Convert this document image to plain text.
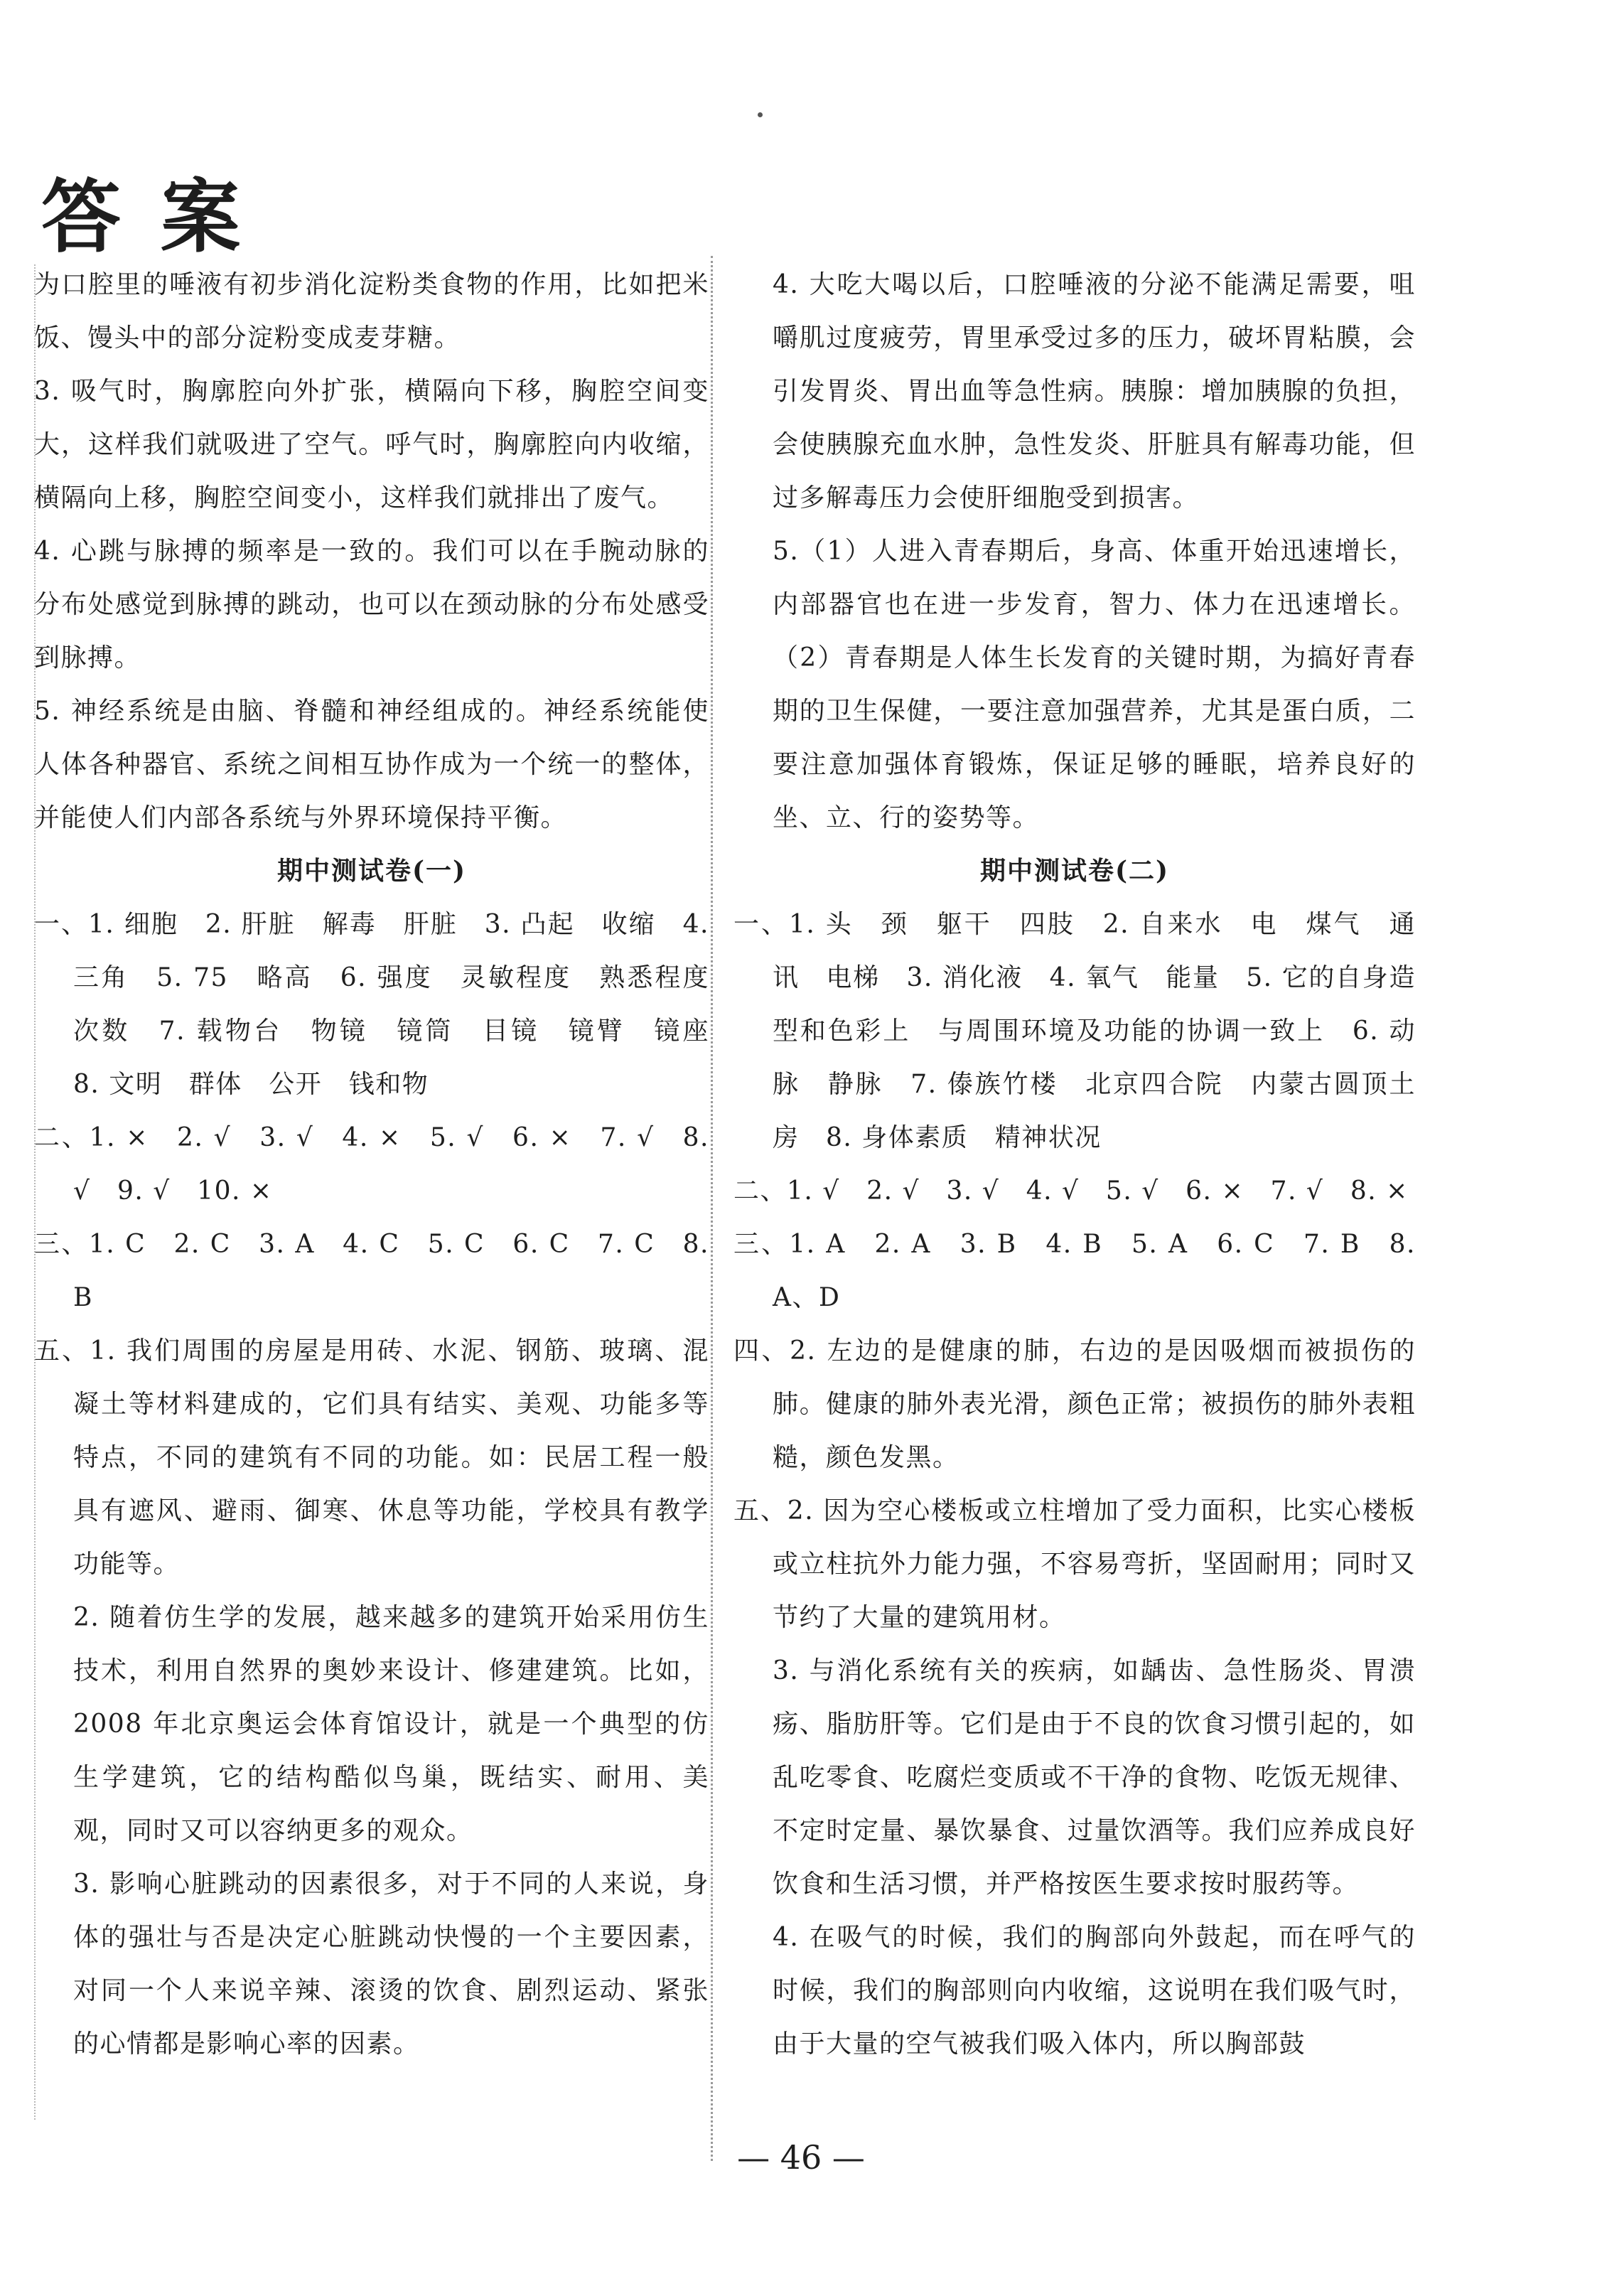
答案

为口腔里的唾液有初步消化淀粉类食物的作用，比如把米饭、馒头中的部分淀粉变成麦芽糖。

3. 吸气时，胸廓腔向外扩张，横隔向下移，胸腔空间变大，这样我们就吸进了空气。呼气时，胸廓腔向内收缩，横隔向上移，胸腔空间变小，这样我们就排出了废气。

4. 心跳与脉搏的频率是一致的。我们可以在手腕动脉的分布处感觉到脉搏的跳动，也可以在颈动脉的分布处感受到脉搏。

5. 神经系统是由脑、脊髓和神经组成的。神经系统能使人体各种器官、系统之间相互协作成为一个统一的整体，并能使人们内部各系统与外界环境保持平衡。

期中测试卷(一)

一、1. 细胞　2. 肝脏　解毒　肝脏　3. 凸起　收缩　4. 三角　5. 75　略高　6. 强度　灵敏程度　熟悉程度　次数　7. 载物台　物镜　镜筒　目镜　镜臂　镜座　8. 文明　群体　公开　钱和物

二、1. ×　2. √　3. √　4. ×　5. √　6. ×　7. √　8. √　9. √　10. ×

三、1. C　2. C　3. A　4. C　5. C　6. C　7. C　8. B

五、1. 我们周围的房屋是用砖、水泥、钢筋、玻璃、混凝土等材料建成的，它们具有结实、美观、功能多等特点，不同的建筑有不同的功能。如：民居工程一般具有遮风、避雨、御寒、休息等功能，学校具有教学功能等。

2. 随着仿生学的发展，越来越多的建筑开始采用仿生技术，利用自然界的奥妙来设计、修建建筑。比如，2008 年北京奥运会体育馆设计，就是一个典型的仿生学建筑，它的结构酷似鸟巢，既结实、耐用、美观，同时又可以容纳更多的观众。

3. 影响心脏跳动的因素很多，对于不同的人来说，身体的强壮与否是决定心脏跳动快慢的一个主要因素，对同一个人来说辛辣、滚烫的饮食、剧烈运动、紧张的心情都是影响心率的因素。

4. 大吃大喝以后，口腔唾液的分泌不能满足需要，咀嚼肌过度疲劳，胃里承受过多的压力，破坏胃粘膜，会引发胃炎、胃出血等急性病。胰腺：增加胰腺的负担，会使胰腺充血水肿，急性发炎、肝脏具有解毒功能，但过多解毒压力会使肝细胞受到损害。

5.（1）人进入青春期后，身高、体重开始迅速增长，内部器官也在进一步发育，智力、体力在迅速增长。（2）青春期是人体生长发育的关键时期，为搞好青春期的卫生保健，一要注意加强营养，尤其是蛋白质，二要注意加强体育锻炼，保证足够的睡眠，培养良好的坐、立、行的姿势等。

期中测试卷(二)

一、1. 头　颈　躯干　四肢　2. 自来水　电　煤气　通讯　电梯　3. 消化液　4. 氧气　能量　5. 它的自身造型和色彩上　与周围环境及功能的协调一致上　6. 动脉　静脉　7. 傣族竹楼　北京四合院　内蒙古圆顶土房　8. 身体素质　精神状况

二、1. √　2. √　3. √　4. √　5. √　6. ×　7. √　8. ×

三、1. A　2. A　3. B　4. B　5. A　6. C　7. B　8. A、D

四、2. 左边的是健康的肺，右边的是因吸烟而被损伤的肺。健康的肺外表光滑，颜色正常；被损伤的肺外表粗糙，颜色发黑。

五、2. 因为空心楼板或立柱增加了受力面积，比实心楼板或立柱抗外力能力强，不容易弯折，坚固耐用；同时又节约了大量的建筑用材。

3. 与消化系统有关的疾病，如龋齿、急性肠炎、胃溃疡、脂肪肝等。它们是由于不良的饮食习惯引起的，如乱吃零食、吃腐烂变质或不干净的食物、吃饭无规律、不定时定量、暴饮暴食、过量饮酒等。我们应养成良好饮食和生活习惯，并严格按医生要求按时服药等。

4. 在吸气的时候，我们的胸部向外鼓起，而在呼气的时候，我们的胸部则向内收缩，这说明在我们吸气时，由于大量的空气被我们吸入体内，所以胸部鼓

— 46 —
